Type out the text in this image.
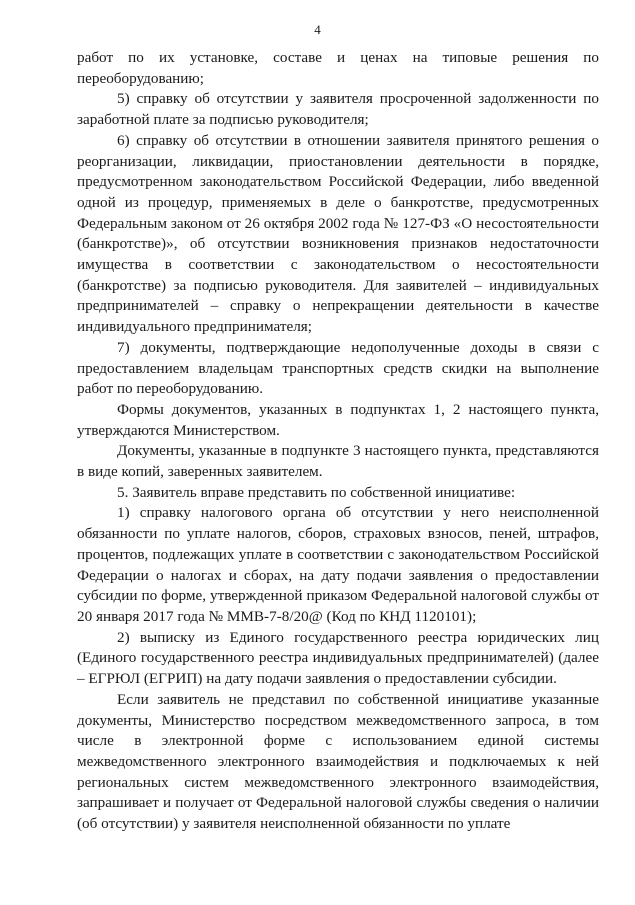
4

работ по их установке, составе и ценах на типовые решения по переоборудованию;

5) справку об отсутствии у заявителя просроченной задолженности по заработной плате за подписью руководителя;

6) справку об отсутствии в отношении заявителя принятого решения о реорганизации, ликвидации, приостановлении деятельности в порядке, предусмотренном законодательством Российской Федерации, либо введенной одной из процедур, применяемых в деле о банкротстве, предусмотренных Федеральным законом от 26 октября 2002 года № 127-ФЗ «О несостоятельности (банкротстве)», об отсутствии возникновения признаков недостаточности имущества в соответствии с законодательством о несостоятельности (банкротстве) за подписью руководителя. Для заявителей – индивидуальных предпринимателей – справку о непрекращении деятельности в качестве индивидуального предпринимателя;

7) документы, подтверждающие недополученные доходы в связи с предоставлением владельцам транспортных средств скидки на выполнение работ по переоборудованию.

Формы документов, указанных в подпунктах 1, 2 настоящего пункта, утверждаются Министерством.

Документы, указанные в подпункте 3 настоящего пункта, представляются в виде копий, заверенных заявителем.

5. Заявитель вправе представить по собственной инициативе:

1) справку налогового органа об отсутствии у него неисполненной обязанности по уплате налогов, сборов, страховых взносов, пеней, штрафов, процентов, подлежащих уплате в соответствии с законодательством Российской Федерации о налогах и сборах, на дату подачи заявления о предоставлении субсидии по форме, утвержденной приказом Федеральной налоговой службы от 20 января 2017 года № ММВ-7-8/20@ (Код по КНД 1120101);

2) выписку из Единого государственного реестра юридических лиц (Единого государственного реестра индивидуальных предпринимателей) (далее – ЕГРЮЛ (ЕГРИП) на дату подачи заявления о предоставлении субсидии.

Если заявитель не представил по собственной инициативе указанные документы, Министерство посредством межведомственного запроса, в том числе в электронной форме с использованием единой системы межведомственного электронного взаимодействия и подключаемых к ней региональных систем межведомственного электронного взаимодействия, запрашивает и получает от Федеральной налоговой службы сведения о наличии (об отсутствии) у заявителя неисполненной обязанности по уплате
